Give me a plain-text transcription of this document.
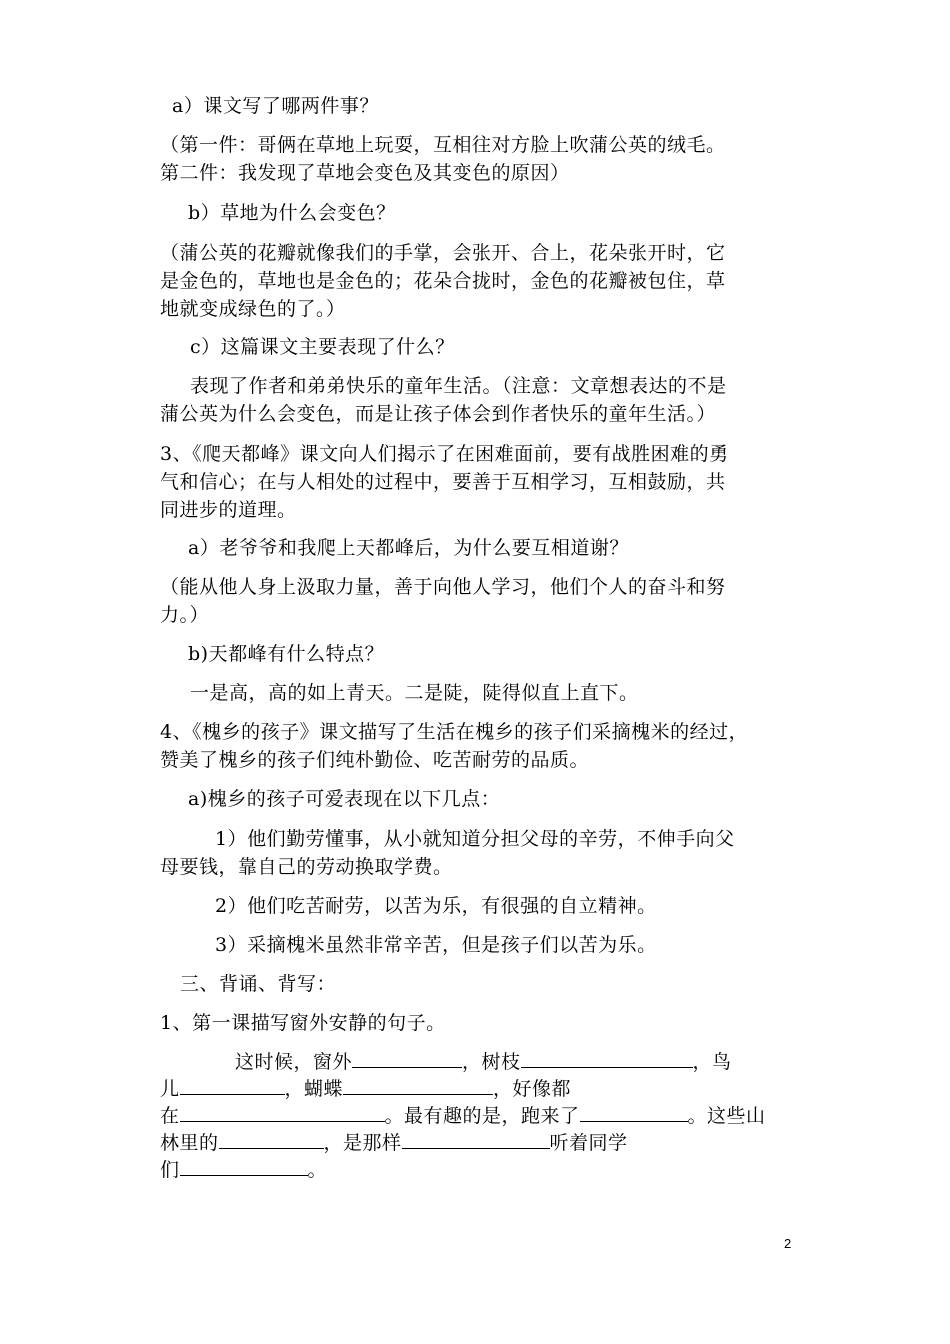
a）课文写了哪两件事？
（第一件：哥俩在草地上玩耍，互相往对方脸上吹蒲公英的绒毛。
第二件：我发现了草地会变色及其变色的原因）
b）草地为什么会变色？
（蒲公英的花瓣就像我们的手掌，会张开、合上，花朵张开时，它
是金色的，草地也是金色的；花朵合拢时，金色的花瓣被包住，草
地就变成绿色的了。）
c）这篇课文主要表现了什么？
表现了作者和弟弟快乐的童年生活。（注意：文章想表达的不是
蒲公英为什么会变色，而是让孩子体会到作者快乐的童年生活。）
3、《爬天都峰》课文向人们揭示了在困难面前，要有战胜困难的勇
气和信心；在与人相处的过程中，要善于互相学习，互相鼓励，共
同进步的道理。
a）老爷爷和我爬上天都峰后，为什么要互相道谢？
（能从他人身上汲取力量，善于向他人学习，他们个人的奋斗和努
力。）
b)天都峰有什么特点？
一是高，高的如上青天。二是陡，陡得似直上直下。
4、《槐乡的孩子》课文描写了生活在槐乡的孩子们采摘槐米的经过，
赞美了槐乡的孩子们纯朴勤俭、吃苦耐劳的品质。
a)槐乡的孩子可爱表现在以下几点：
1）他们勤劳懂事，从小就知道分担父母的辛劳，不伸手向父
母要钱，靠自己的劳动换取学费。
2）他们吃苦耐劳，以苦为乐，有很强的自立精神。
3）采摘槐米虽然非常辛苦，但是孩子们以苦为乐。
三、背诵、背写：
1、第一课描写窗外安静的句子。
这时候，窗外	，树枝	，鸟
儿	，蝴蝶	，好像都
在	。最有趣的是，跑来了	。这些山
林里的	，是那样	听着同学
们	。
2
